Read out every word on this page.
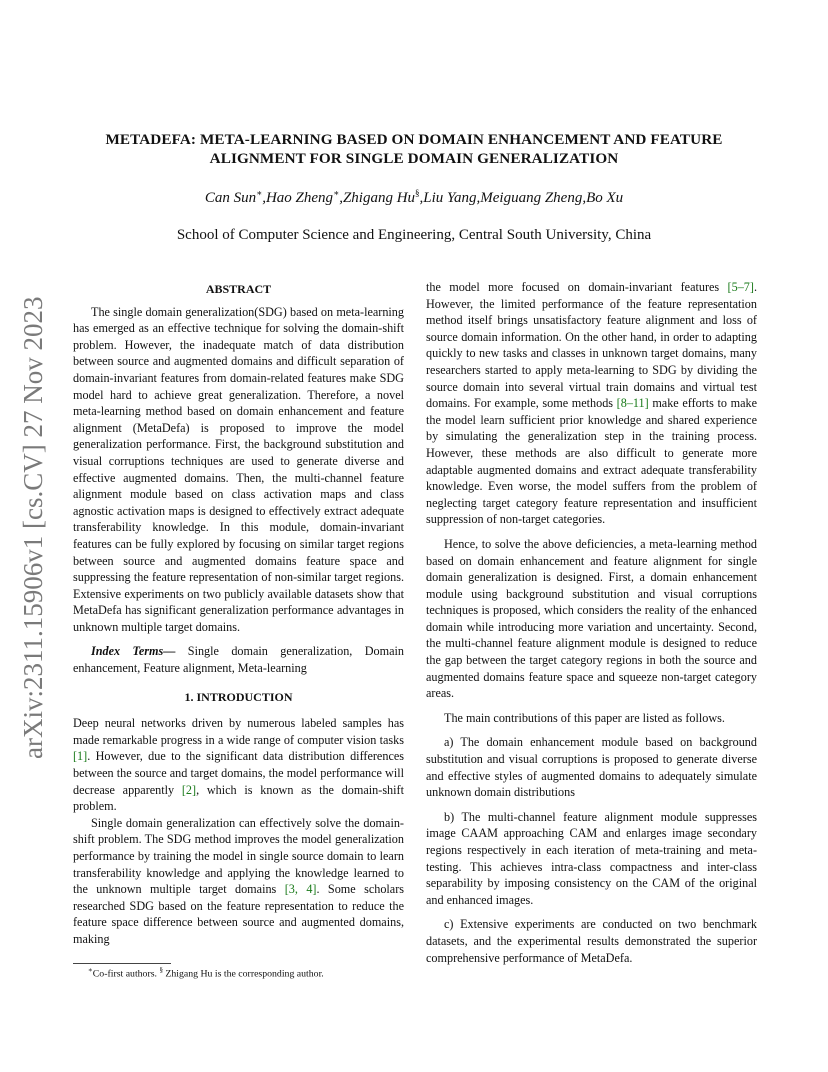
arXiv:2311.15906v1 [cs.CV] 27 Nov 2023
METADEFA: META-LEARNING BASED ON DOMAIN ENHANCEMENT AND FEATURE
ALIGNMENT FOR SINGLE DOMAIN GENERALIZATION
Can Sun∗,Hao Zheng∗,Zhigang Hu§,Liu Yang,Meiguang Zheng,Bo Xu
School of Computer Science and Engineering, Central South University, China
ABSTRACT

The single domain generalization(SDG) based on meta-learning has emerged as an effective technique for solving the domain-shift problem. However, the inadequate match of data distribution between source and augmented domains and difficult separation of domain-invariant features from domain-related features make SDG model hard to achieve great generalization. Therefore, a novel meta-learning method based on domain enhancement and feature alignment (MetaDefa) is proposed to improve the model generalization performance. First, the background substitution and visual corruptions techniques are used to generate diverse and effective augmented domains. Then, the multi-channel feature alignment module based on class activation maps and class agnostic activation maps is designed to effectively extract adequate transferability knowledge. In this module, domain-invariant features can be fully explored by focusing on similar target regions between source and augmented domains feature space and suppressing the feature representation of non-similar target regions. Extensive experiments on two publicly available datasets show that MetaDefa has significant generalization performance advantages in unknown multiple target domains.

Index Terms— Single domain generalization, Domain enhancement, Feature alignment, Meta-learning

1. INTRODUCTION

Deep neural networks driven by numerous labeled samples has made remarkable progress in a wide range of computer vision tasks [1]. However, due to the significant data distribution differences between the source and target domains, the model performance will decrease apparently [2], which is known as the domain-shift problem.

Single domain generalization can effectively solve the domain-shift problem. The SDG method improves the model generalization performance by training the model in single source domain to learn transferability knowledge and applying the knowledge learned to the unknown multiple target domains [3, 4]. Some scholars researched SDG based on the feature representation to reduce the feature space difference between source and augmented domains, making

∗Co-first authors. § Zhigang Hu is the corresponding author.

the model more focused on domain-invariant features [5–7]. However, the limited performance of the feature representation method itself brings unsatisfactory feature alignment and loss of source domain information. On the other hand, in order to adapting quickly to new tasks and classes in unknown target domains, many researchers started to apply meta-learning to SDG by dividing the source domain into several virtual train domains and virtual test domains. For example, some methods [8–11] make efforts to make the model learn sufficient prior knowledge and shared experience by simulating the generalization step in the training process. However, these methods are also difficult to generate more adaptable augmented domains and extract adequate transferability knowledge. Even worse, the model suffers from the problem of neglecting target category feature representation and insufficient suppression of non-target categories.

Hence, to solve the above deficiencies, a meta-learning method based on domain enhancement and feature alignment for single domain generalization is designed. First, a domain enhancement module using background substitution and visual corruptions techniques is proposed, which considers the reality of the enhanced domain while introducing more variation and uncertainty. Second, the multi-channel feature alignment module is designed to reduce the gap between the target category regions in both the source and augmented domains feature space and squeeze non-target category areas.

The main contributions of this paper are listed as follows.

a) The domain enhancement module based on background substitution and visual corruptions is proposed to generate diverse and effective styles of augmented domains to adequately simulate unknown domain distributions

b) The multi-channel feature alignment module suppresses image CAAM approaching CAM and enlarges image secondary regions respectively in each iteration of meta-training and meta-testing. This achieves intra-class compactness and inter-class separability by imposing consistency on the CAM of the original and enhanced images.

c) Extensive experiments are conducted on two benchmark datasets, and the experimental results demonstrated the superior comprehensive performance of MetaDefa.
